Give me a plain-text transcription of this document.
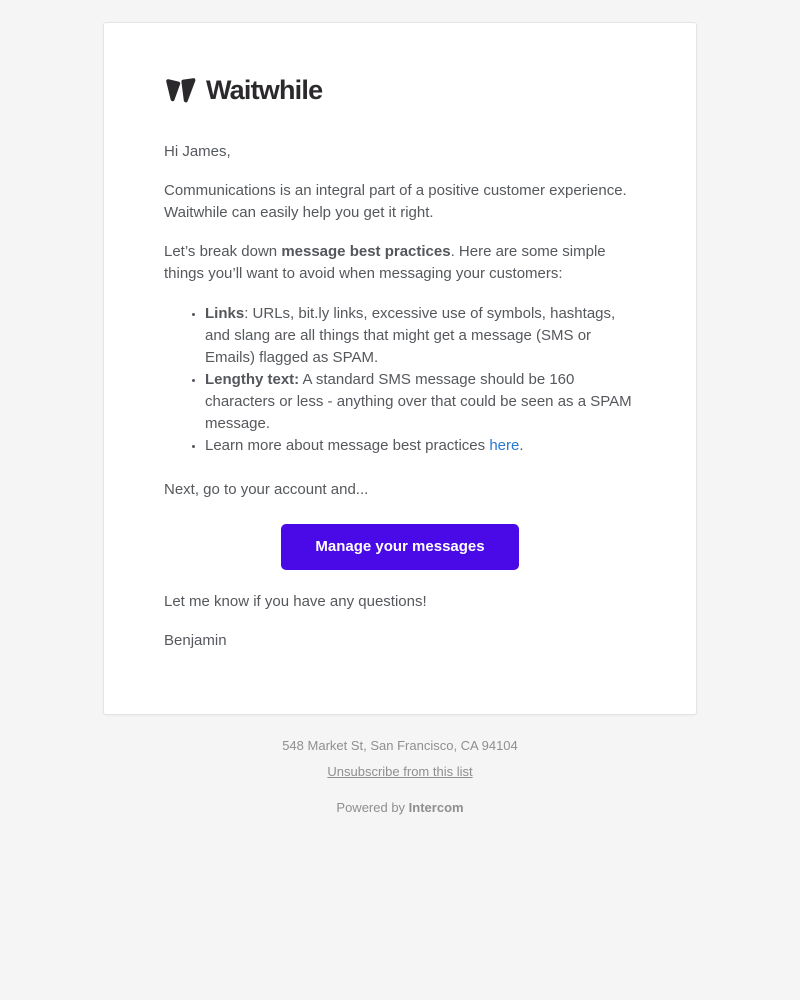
Waitwhile

Hi James,

Communications is an integral part of a positive customer experience. Waitwhile can easily help you get it right.

Let’s break down message best practices. Here are some simple things you’ll want to avoid when messaging your customers:

Links: URLs, bit.ly links, excessive use of symbols, hashtags, and slang are all things that might get a message (SMS or Emails) flagged as SPAM.
Lengthy text: A standard SMS message should be 160 characters or less - anything over that could be seen as a SPAM message.
Learn more about message best practices here.

Next, go to your account and...

Manage your messages

Let me know if you have any questions!

Benjamin

548 Market St, San Francisco, CA 94104
Unsubscribe from this list
Powered by Intercom
